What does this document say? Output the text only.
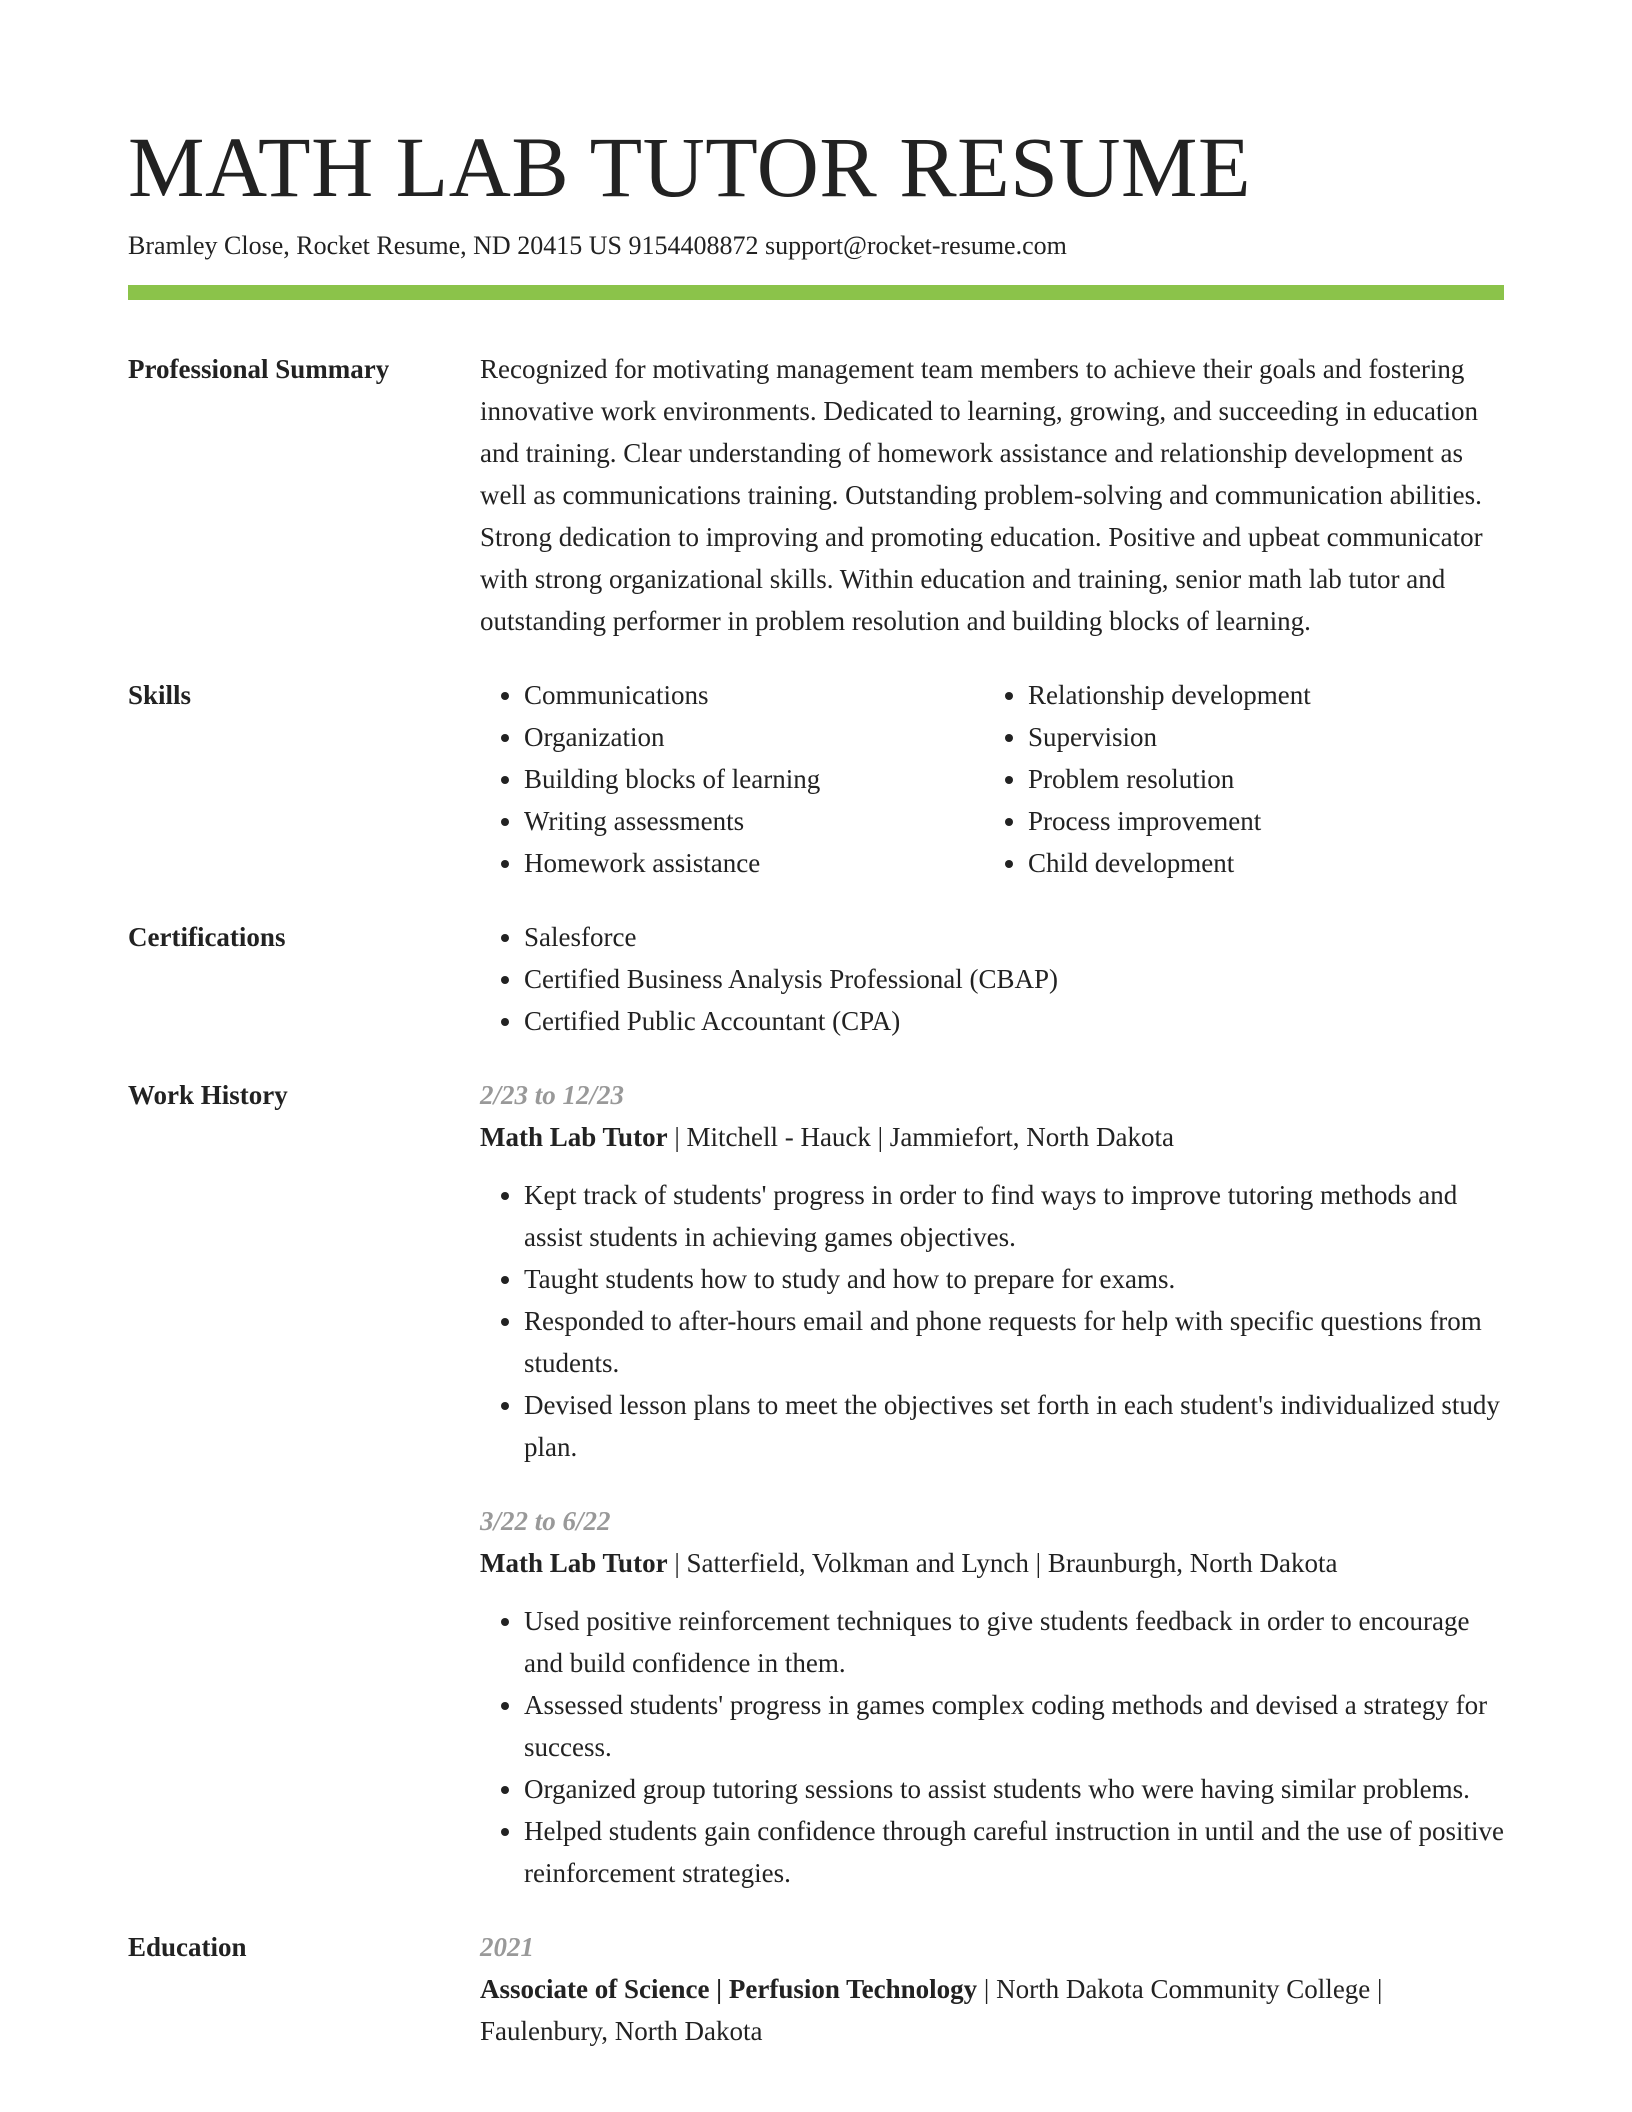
MATH LAB TUTOR RESUME
Bramley Close, Rocket Resume, ND 20415 US 9154408872 support@rocket-resume.com
Professional Summary	Recognized for motivating management team members to achieve their goals and fostering innovative work environments. Dedicated to learning, growing, and succeeding in education and training. Clear understanding of homework assistance and relationship development as well as communications training. Outstanding problem-solving and communication abilities. Strong dedication to improving and promoting education. Positive and upbeat communicator with strong organizational skills. Within education and training, senior math lab tutor and outstanding performer in problem resolution and building blocks of learning.
Skills	• Communications
• Organization
• Building blocks of learning
• Writing assessments
• Homework assistance
• Relationship development
• Supervision
• Problem resolution
• Process improvement
• Child development
Certifications	• Salesforce
• Certified Business Analysis Professional (CBAP)
• Certified Public Accountant (CPA)
Work History	2/23 to 12/23
Math Lab Tutor | Mitchell - Hauck | Jammiefort, North Dakota
• Kept track of students' progress in order to find ways to improve tutoring methods and assist students in achieving games objectives.
• Taught students how to study and how to prepare for exams.
• Responded to after-hours email and phone requests for help with specific questions from students.
• Devised lesson plans to meet the objectives set forth in each student's individualized study plan.
3/22 to 6/22
Math Lab Tutor | Satterfield, Volkman and Lynch | Braunburgh, North Dakota
• Used positive reinforcement techniques to give students feedback in order to encourage and build confidence in them.
• Assessed students' progress in games complex coding methods and devised a strategy for success.
• Organized group tutoring sessions to assist students who were having similar problems.
• Helped students gain confidence through careful instruction in until and the use of positive reinforcement strategies.
Education	2021
Associate of Science | Perfusion Technology | North Dakota Community College | Faulenbury, North Dakota
